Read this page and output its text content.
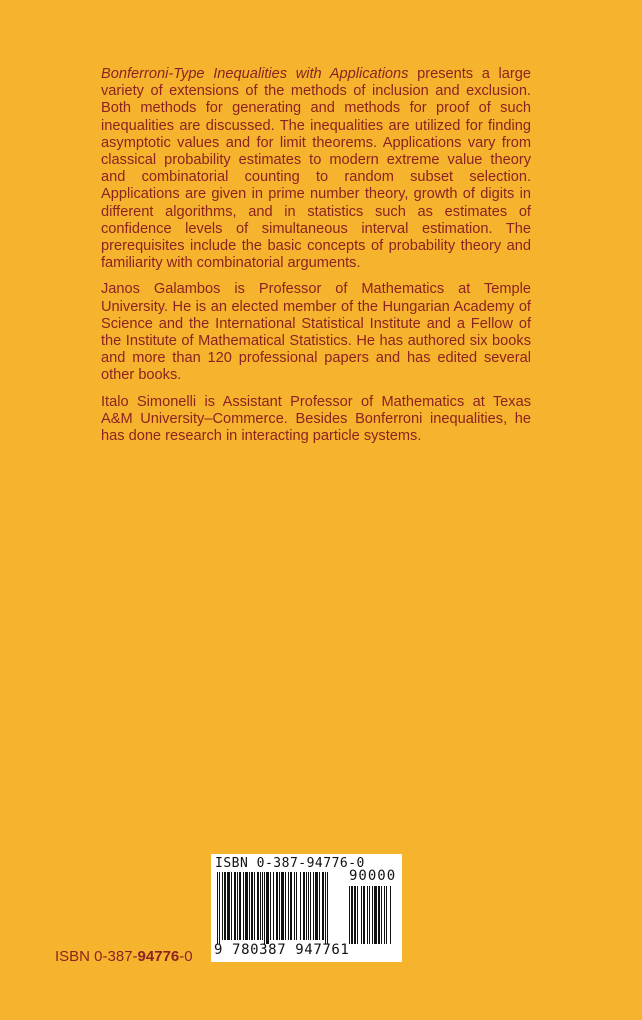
Bonferroni-Type Inequalities with Applications presents a large variety of extensions of the methods of inclusion and exclusion. Both methods for generating and methods for proof of such inequalities are discussed. The inequalities are utilized for finding asymptotic values and for limit theorems. Applications vary from classical probability estimates to modern extreme value theory and combinatorial counting to random subset selection. Applications are given in prime number theory, growth of digits in different algorithms, and in statistics such as estimates of confidence levels of simultaneous interval estimation. The prerequisites include the basic concepts of probability theory and familiarity with combinatorial arguments.

Janos Galambos is Professor of Mathematics at Temple University. He is an elected member of the Hungarian Academy of Science and the International Statistical Institute and a Fellow of the Institute of Mathematical Statistics. He has authored six books and more than 120 professional papers and has edited several other books.

Italo Simonelli is Assistant Professor of Mathematics at Texas A&M University–Commerce. Besides Bonferroni inequalities, he has done research in interacting particle systems.

ISBN 0-387-94776-0
90000
9 780387 947761
ISBN 0-387-94776-0
